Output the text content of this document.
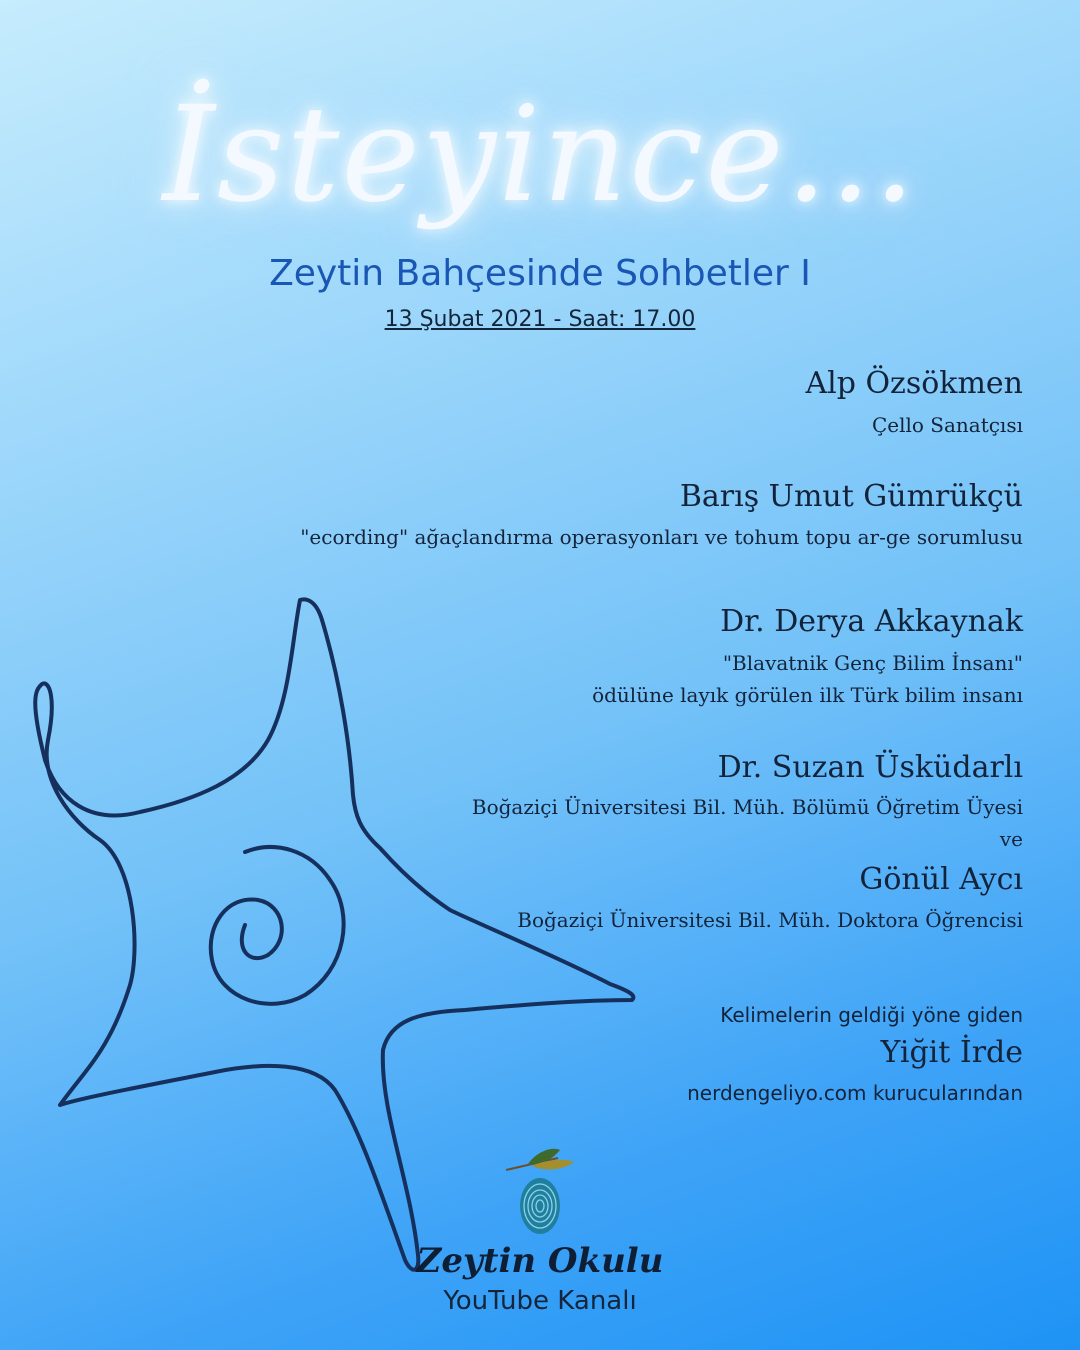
İsteyince...
Zeytin Bahçesinde Sohbetler I
13 Şubat 2021 - Saat: 17.00
Alp Özsökmen
Çello Sanatçısı
Barış Umut Gümrükçü
"ecording" ağaçlandırma operasyonları ve tohum topu ar-ge sorumlusu
Dr. Derya Akkaynak
"Blavatnik Genç Bilim İnsanı"
ödülüne layık görülen ilk Türk bilim insanı
Dr. Suzan Üsküdarlı
Boğaziçi Üniversitesi Bil. Müh. Bölümü Öğretim Üyesi
ve
Gönül Aycı
Boğaziçi Üniversitesi Bil. Müh. Doktora Öğrencisi
Kelimelerin geldiği yöne giden
Yiğit İrde
nerdengeliyo.com kurucularından
Zeytin Okulu
YouTube Kanalı
